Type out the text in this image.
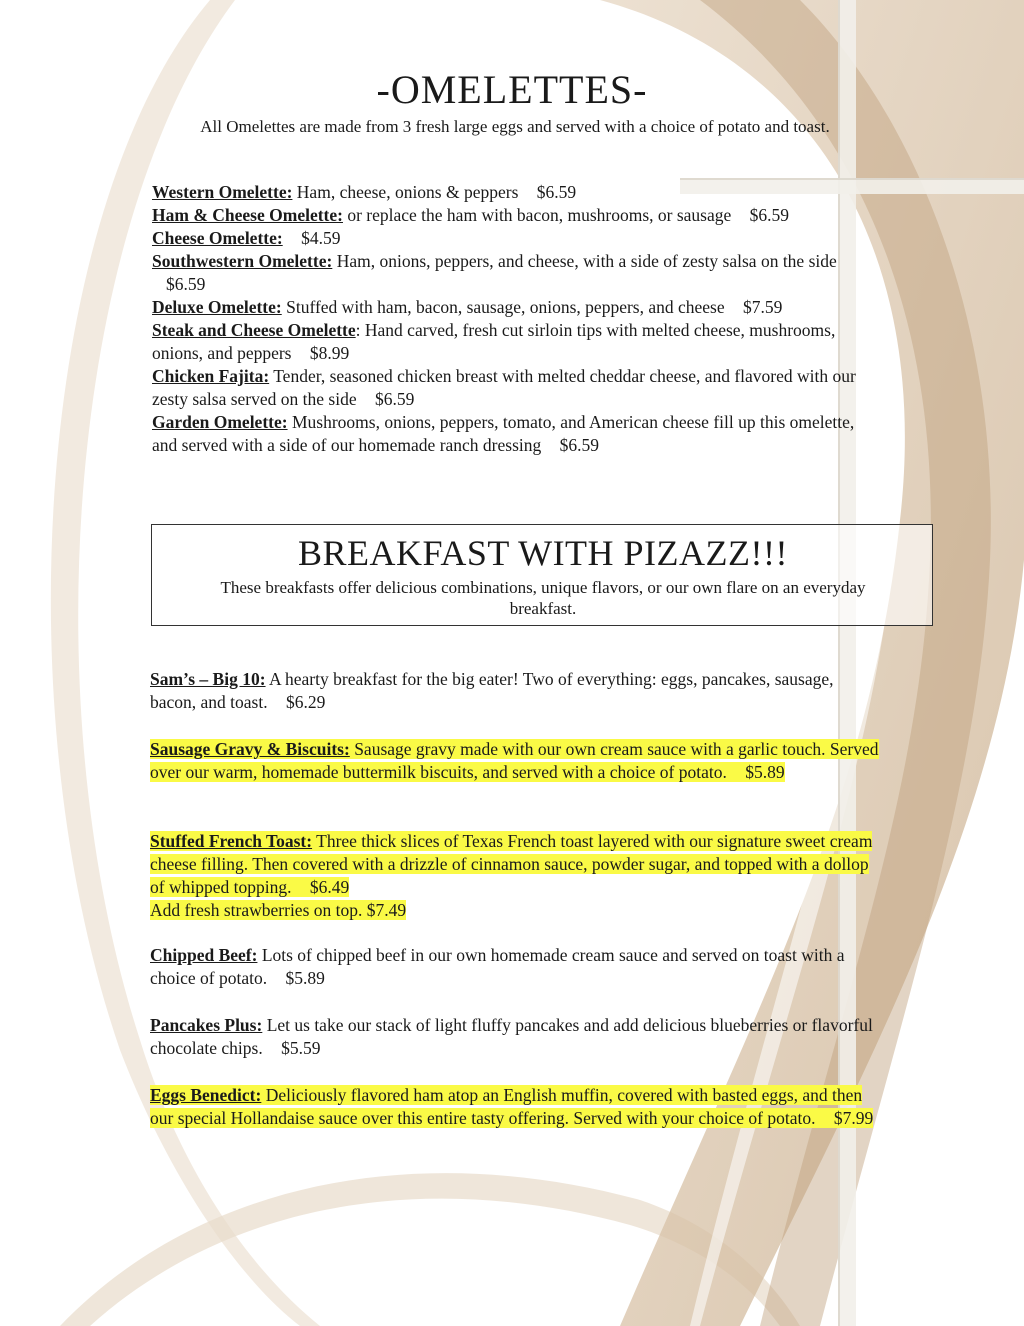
-OMELETTES-
All Omelettes are made from 3 fresh large eggs and served with a choice of potato and toast.
Western Omelette: Ham, cheese, onions & peppers $6.59
Ham & Cheese Omelette: or replace the ham with bacon, mushrooms, or sausage $6.59
Cheese Omelette: $4.59
Southwestern Omelette: Ham, onions, peppers, and cheese, with a side of zesty salsa on the side $6.59
Deluxe Omelette: Stuffed with ham, bacon, sausage, onions, peppers, and cheese $7.59
Steak and Cheese Omelette: Hand carved, fresh cut sirloin tips with melted cheese, mushrooms, onions, and peppers $8.99
Chicken Fajita: Tender, seasoned chicken breast with melted cheddar cheese, and flavored with our zesty salsa served on the side $6.59
Garden Omelette: Mushrooms, onions, peppers, tomato, and American cheese fill up this omelette, and served with a side of our homemade ranch dressing $6.59
BREAKFAST WITH PIZAZZ!!!
These breakfasts offer delicious combinations, unique flavors, or our own flare on an everyday breakfast.
Sam’s – Big 10: A hearty breakfast for the big eater! Two of everything: eggs, pancakes, sausage, bacon, and toast. $6.29
Sausage Gravy & Biscuits: Sausage gravy made with our own cream sauce with a garlic touch. Served over our warm, homemade buttermilk biscuits, and served with a choice of potato. $5.89
Stuffed French Toast: Three thick slices of Texas French toast layered with our signature sweet cream cheese filling. Then covered with a drizzle of cinnamon sauce, powder sugar, and topped with a dollop of whipped topping. $6.49
Add fresh strawberries on top. $7.49
Chipped Beef: Lots of chipped beef in our own homemade cream sauce and served on toast with a choice of potato. $5.89
Pancakes Plus: Let us take our stack of light fluffy pancakes and add delicious blueberries or flavorful chocolate chips. $5.59
Eggs Benedict: Deliciously flavored ham atop an English muffin, covered with basted eggs, and then our special Hollandaise sauce over this entire tasty offering. Served with your choice of potato. $7.99
